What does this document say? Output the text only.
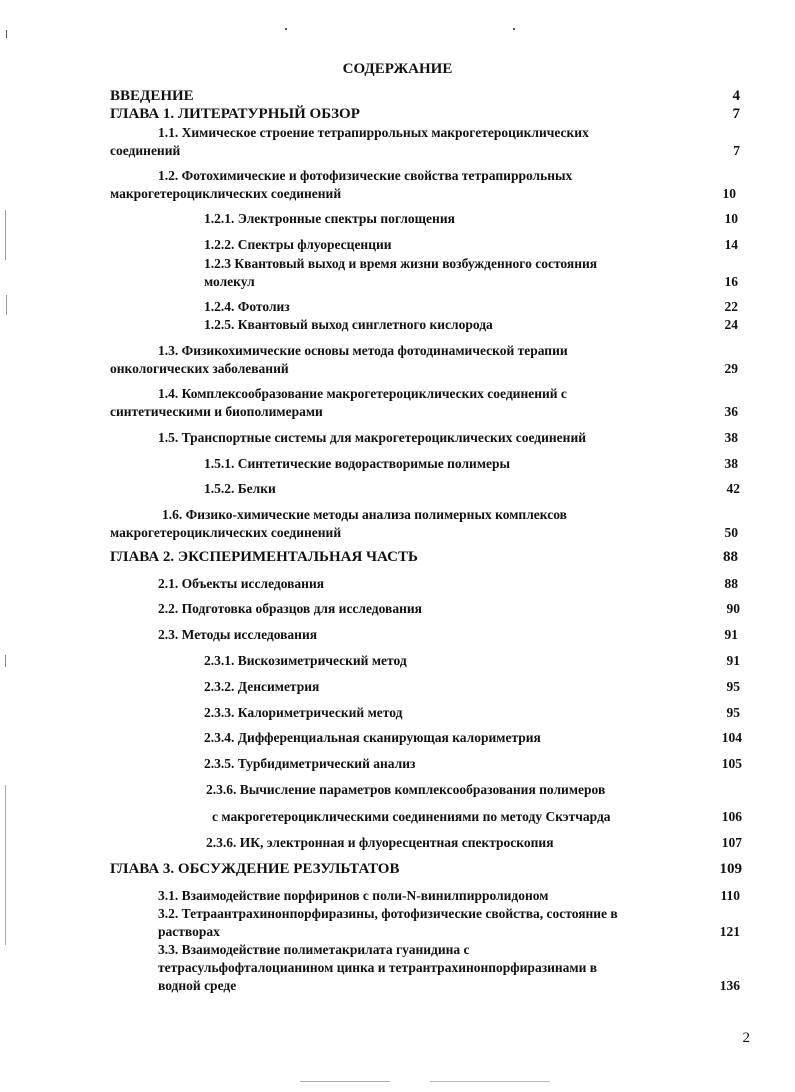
СОДЕРЖАНИЕ
ВВЕДЕНИЕ	4
ГЛАВА 1. ЛИТЕРАТУРНЫЙ ОБЗОР	7
1.1. Химическое строение тетрапиррольных макрогетероциклических
соединений	7
1.2. Фотохимические и фотофизические свойства тетрапиррольных
макрогетероциклических соединений	10
1.2.1. Электронные спектры поглощения	10
1.2.2. Спектры флуоресценции	14
1.2.3 Квантовый выход и время жизни возбужденного состояния
молекул	16
1.2.4. Фотолиз	22
1.2.5. Квантовый выход синглетного кислорода	24
1.3. Физикохимические основы метода фотодинамической терапии
онкологических заболеваний	29
1.4. Комплексообразование макрогетероциклических соединений с
синтетическими и биополимерами	36
1.5. Транспортные системы для макрогетероциклических соединений	38
1.5.1. Синтетические водорастворимые полимеры	38
1.5.2. Белки	42
1.6. Физико-химические методы анализа полимерных комплексов
макрогетероциклических соединений	50
ГЛАВА 2. ЭКСПЕРИМЕНТАЛЬНАЯ ЧАСТЬ	88
2.1. Объекты исследования	88
2.2. Подготовка образцов для исследования	90
2.3. Методы исследования	91
2.3.1. Вискозиметрический метод	91
2.3.2. Денсиметрия	95
2.3.3. Калориметрический метод	95
2.3.4. Дифференциальная сканирующая калориметрия	104
2.3.5. Турбидиметрический анализ	105
2.3.6. Вычисление параметров комплексообразования полимеров
с макрогетероциклическими соединениями по методу Скэтчарда	106
2.3.6. ИК, электронная и флуоресцентная спектроскопия	107
ГЛАВА 3. ОБСУЖДЕНИЕ РЕЗУЛЬТАТОВ	109
3.1. Взаимодействие порфиринов с поли-N-винилпирролидоном	110
3.2. Тетраантрахинонпорфиразины, фотофизические свойства, состояние в
растворах	121
3.3. Взаимодействие полиметакрилата гуанидина с
тетрасульфофталоцианином цинка и тетрантрахинонпорфиразинами в
водной среде	136
2
